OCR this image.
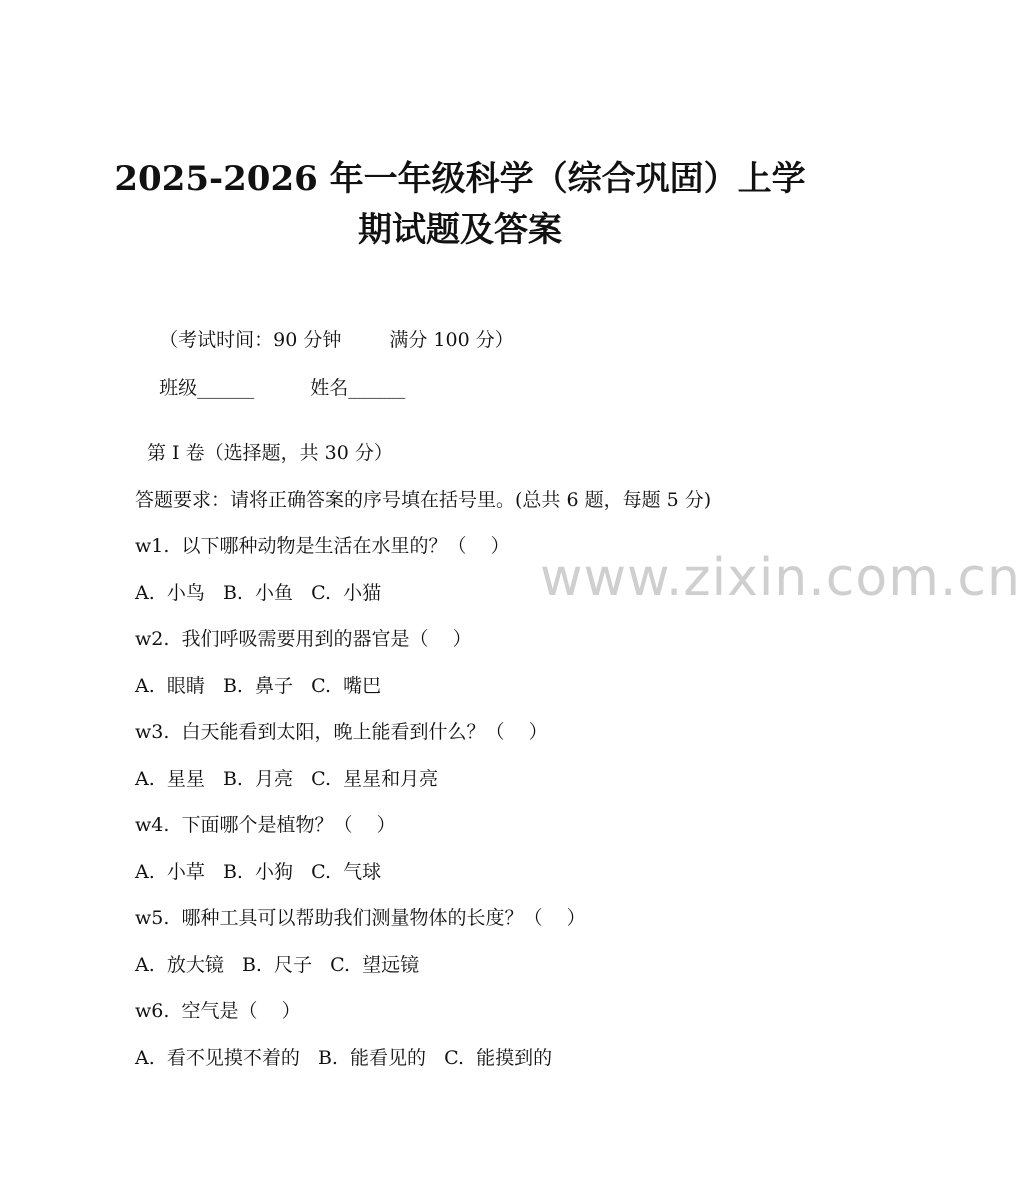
2025-2026 年一年级科学（综合巩固）上学
期试题及答案

（考试时间：90 分钟	满分 100 分）

班级______	姓名______

第 I 卷（选择题，共 30 分）
答题要求：请将正确答案的序号填在括号里。(总共 6 题，每题 5 分)
w1.  以下哪种动物是生活在水里的？（    ）
A.  小鸟   B.  小鱼   C.  小猫
w2.  我们呼吸需要用到的器官是（    ）
A.  眼睛   B.  鼻子   C.  嘴巴
w3.  白天能看到太阳，晚上能看到什么？（    ）
A.  星星   B.  月亮   C.  星星和月亮
w4.  下面哪个是植物？（    ）
A.  小草   B.  小狗   C.  气球
w5.  哪种工具可以帮助我们测量物体的长度？（    ）
A.  放大镜   B.  尺子   C.  望远镜
w6.  空气是（    ）
A.  看不见摸不着的   B.  能看见的   C.  能摸到的
www.zixin.com.cn
